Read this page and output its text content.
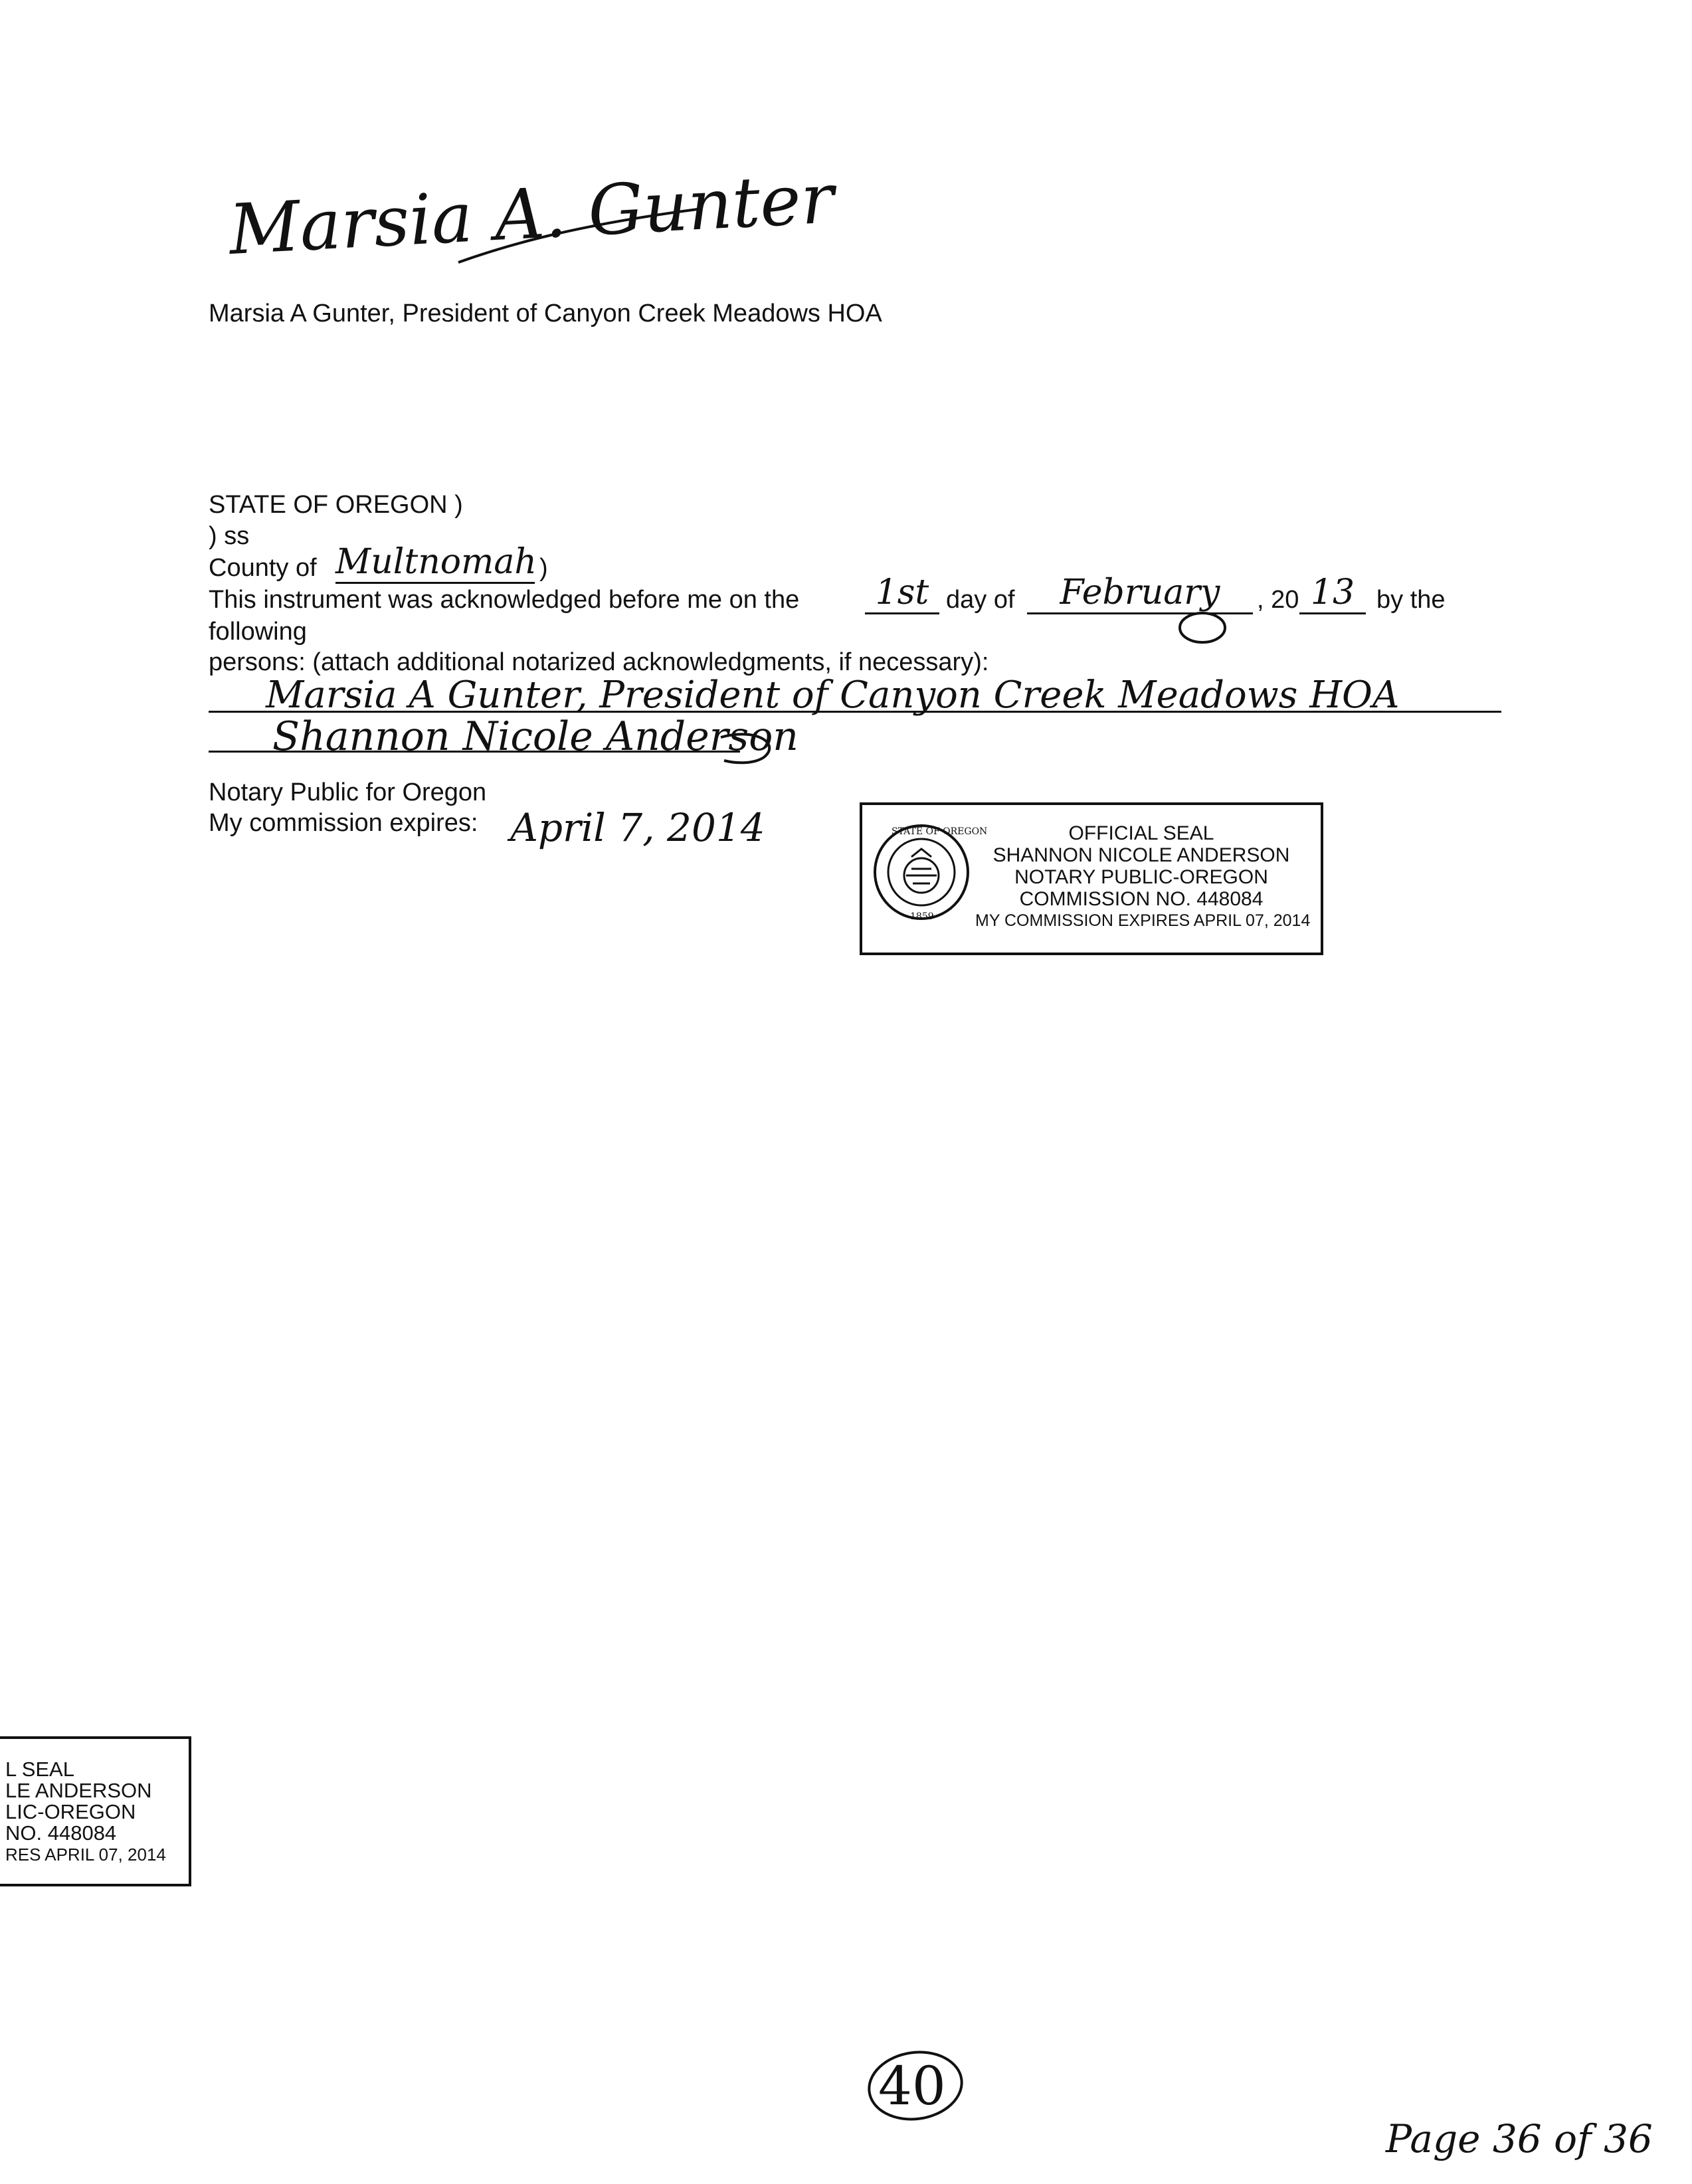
Marsia A. Gunter
Marsia A Gunter, President of Canyon Creek Meadows HOA
STATE OF OREGON )
) ss
County of Multnomah )
This instrument was acknowledged before me on the	1st day of	February	, 20 13 by the
following
persons: (attach additional notarized acknowledgments, if necessary):
Marsia A Gunter, President of Canyon Creek Meadows HOA
Shannon Nicole Anderson
Notary Public for Oregon
My commission expires: April 7, 2014	STATE OF OREGON
1859
OFFICIAL SEAL
SHANNON NICOLE ANDERSON
NOTARY PUBLIC-OREGON
COMMISSION NO. 448084
MY COMMISSION EXPIRES APRIL 07, 2014
L SEAL
LE ANDERSON
LIC-OREGON
NO. 448084
RES APRIL 07, 2014
40
Page 36 of 36
